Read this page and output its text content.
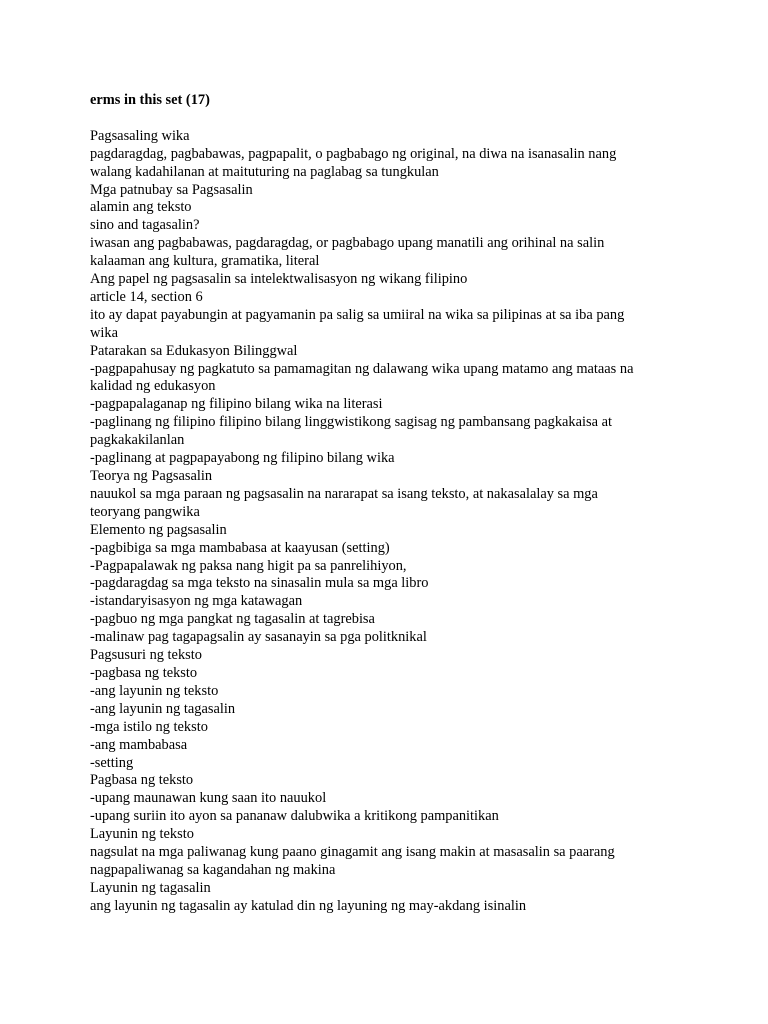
erms in this set (17)
Pagsasaling wika
pagdaragdag, pagbabawas, pagpapalit, o pagbabago ng original, na diwa na isanasalin nang
walang kadahilanan at maituturing na paglabag sa tungkulan
Mga patnubay sa Pagsasalin
alamin ang teksto
sino and tagasalin?
iwasan ang pagbabawas, pagdaragdag, or pagbabago upang manatili ang orihinal na salin
kalaaman ang kultura, gramatika, literal
Ang papel ng pagsasalin sa intelektwalisasyon ng wikang filipino
article 14, section 6
ito ay dapat payabungin at pagyamanin pa salig sa umiiral na wika sa pilipinas at sa iba pang
wika
Patarakan sa Edukasyon Bilinggwal
-pagpapahusay ng pagkatuto sa pamamagitan ng dalawang wika upang matamo ang mataas na
kalidad ng edukasyon
-pagpapalaganap ng filipino bilang wika na literasi
-paglinang ng filipino filipino bilang linggwistikong sagisag ng pambansang pagkakaisa at
pagkakakilanlan
-paglinang at pagpapayabong ng filipino bilang wika
Teorya ng Pagsasalin
nauukol sa mga paraan ng pagsasalin na nararapat sa isang teksto, at nakasalalay sa mga
teoryang pangwika
Elemento ng pagsasalin
-pagbibiga sa mga mambabasa at kaayusan (setting)
-Pagpapalawak ng paksa nang higit pa sa panrelihiyon,
-pagdaragdag sa mga teksto na sinasalin mula sa mga libro
-istandaryisasyon ng mga katawagan
-pagbuo ng mga pangkat ng tagasalin at tagrebisa
-malinaw pag tagapagsalin ay sasanayin sa pga politknikal
Pagsusuri ng teksto
-pagbasa ng teksto
-ang layunin ng teksto
-ang layunin ng tagasalin
-mga istilo ng teksto
-ang mambabasa
-setting
Pagbasa ng teksto
-upang maunawan kung saan ito nauukol
-upang suriin ito ayon sa pananaw dalubwika a kritikong pampanitikan
Layunin ng teksto
nagsulat na mga paliwanag kung paano ginagamit ang isang makin at masasalin sa paarang
nagpapaliwanag sa kagandahan ng makina
Layunin ng tagasalin
ang layunin ng tagasalin ay katulad din ng layuning ng may-akdang isinalin
